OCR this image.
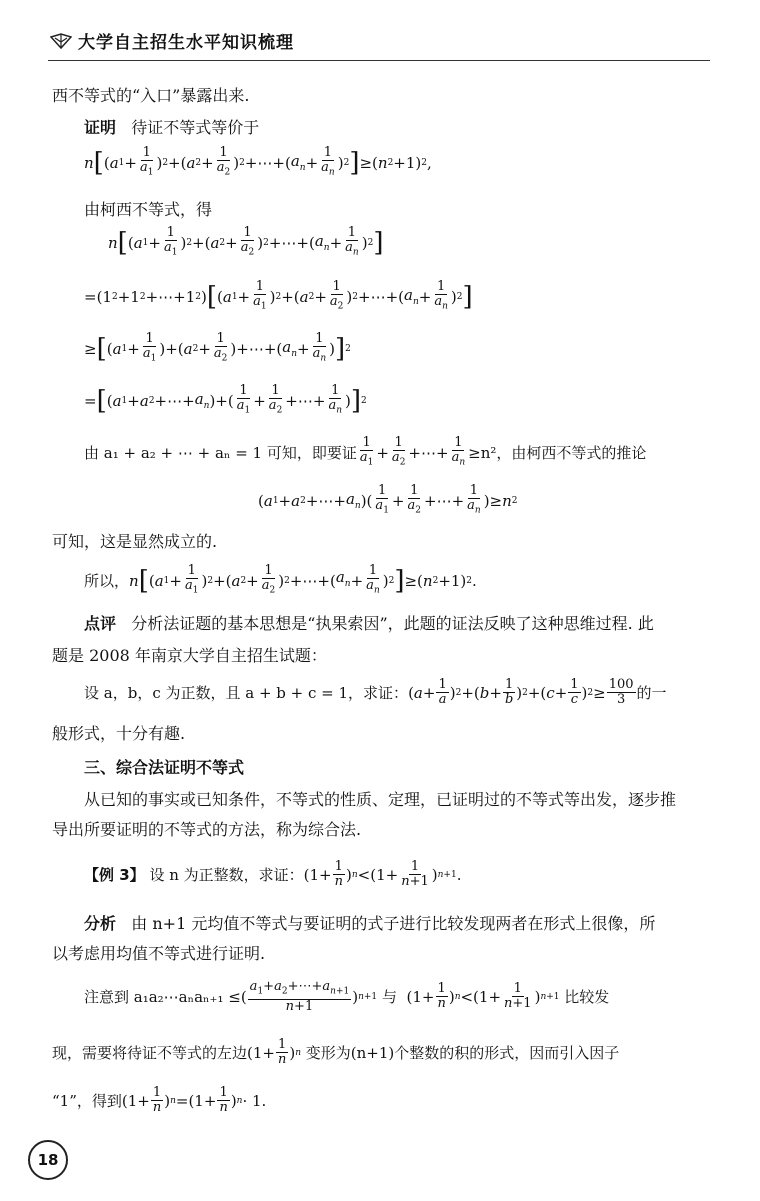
大学自主招生水平知识梳理
西不等式的“入口”暴露出来.
证明 待证不等式等价于
n [ ( a $1 + \frac{1}{a_1}$ ) 2 +( a $2 + \frac{1}{a_2}$ ) 2 +⋯+( $a_n + \frac{1}{a_n}$ ) 2 ] ≥( n 2 +1) 2 ,
由柯西不等式，得
n [ ( a $1 + \frac{1}{a_1}$ ) 2 +( a $2 + \frac{1}{a_2}$ ) 2 +⋯+( $a_n + \frac{1}{a_n}$ ) 2 ]
=(1 2 +1 2 +⋯+1 2 ) [ ( a $1 + \frac{1}{a_1}$ ) 2 +( a $2 + \frac{1}{a_2}$ ) 2 +⋯+( $a_n + \frac{1}{a_n}$ ) 2 ]
≥ [ ( a $1 + \frac{1}{a_1}$ )+( a $2 + \frac{1}{a_2}$ )+⋯+( $a_n + \frac{1}{a_n}$ ) ] 2
= [ ( a 1 + a 2 +⋯+ $a_n$ )+( $\frac{1}{a_1} + \frac{1}{a_2}$ +⋯+ $\frac{1}{a_n}$ ) ] 2
由 a₁ + a₂ + ⋯ + aₙ = 1 可知，即要证 $\frac{1}{a_1} + \frac{1}{a_2}$ +⋯+ $\frac{1}{a_n} \ge n^2$，由柯西不等式的推论
( a 1 + a 2 +⋯+ $a_n$ )( $\frac{1}{a_1} + \frac{1}{a_2}$ +⋯+ $\frac{1}{a_n}$ )≥ n 2
可知，这是显然成立的.
所以， n [ ( a $1 + \frac{1}{a_1}$ ) 2 +( a $2 + \frac{1}{a_2}$ ) 2 +⋯+( $a_n + \frac{1}{a_n}$ ) 2 ] ≥( n 2 +1) 2 .
点评 分析法证题的基本思想是“执果索因”，此题的证法反映了这种思维过程. 此
题是 2008 年南京大学自主招生试题：
设 a，b，c 为正数，且 a + b + c = 1，求证： ( $a + \frac{1}{a}$ ) 2 +( $b + \frac{1}{b}$ ) 2 +( $c + \frac{1}{c}$ ) $2 \ge \frac{100}{3}$ 的一
般形式，十分有趣.
三、综合法证明不等式
从已知的事实或已知条件，不等式的性质、定理，已证明过的不等式等出发，逐步推
导出所要证明的不等式的方法，称为综合法.
【例 3】
设 n 为正整数，求证： ($1+ \frac{1}{n}$ ) $n <(1+ \frac{1}{n+1}$ ) n+1 .
分析 由 n+1 元均值不等式与要证明的式子进行比较发现两者在形式上很像，所
以考虑用均值不等式进行证明.
注意到 a₁a₂⋯aₙaₙ₊₁ ≤ ( $\frac{a_1+a_2+\cdots+a_{n+1}}{n+1}$ ) n+1
与 ($1+ \frac{1}{n}$ ) $n <(1+ \frac{1}{n+1}$ ) n+1
比较发
现，需要将待证不等式的左边 ($1+ \frac{1}{n}$ ) n
变形为(n+1)个整数的积的形式，因而引入因子
“1”，得到 ($1+ \frac{1}{n}$ ) $n =(1+ \frac{1}{n}$ ) n · 1.
18
